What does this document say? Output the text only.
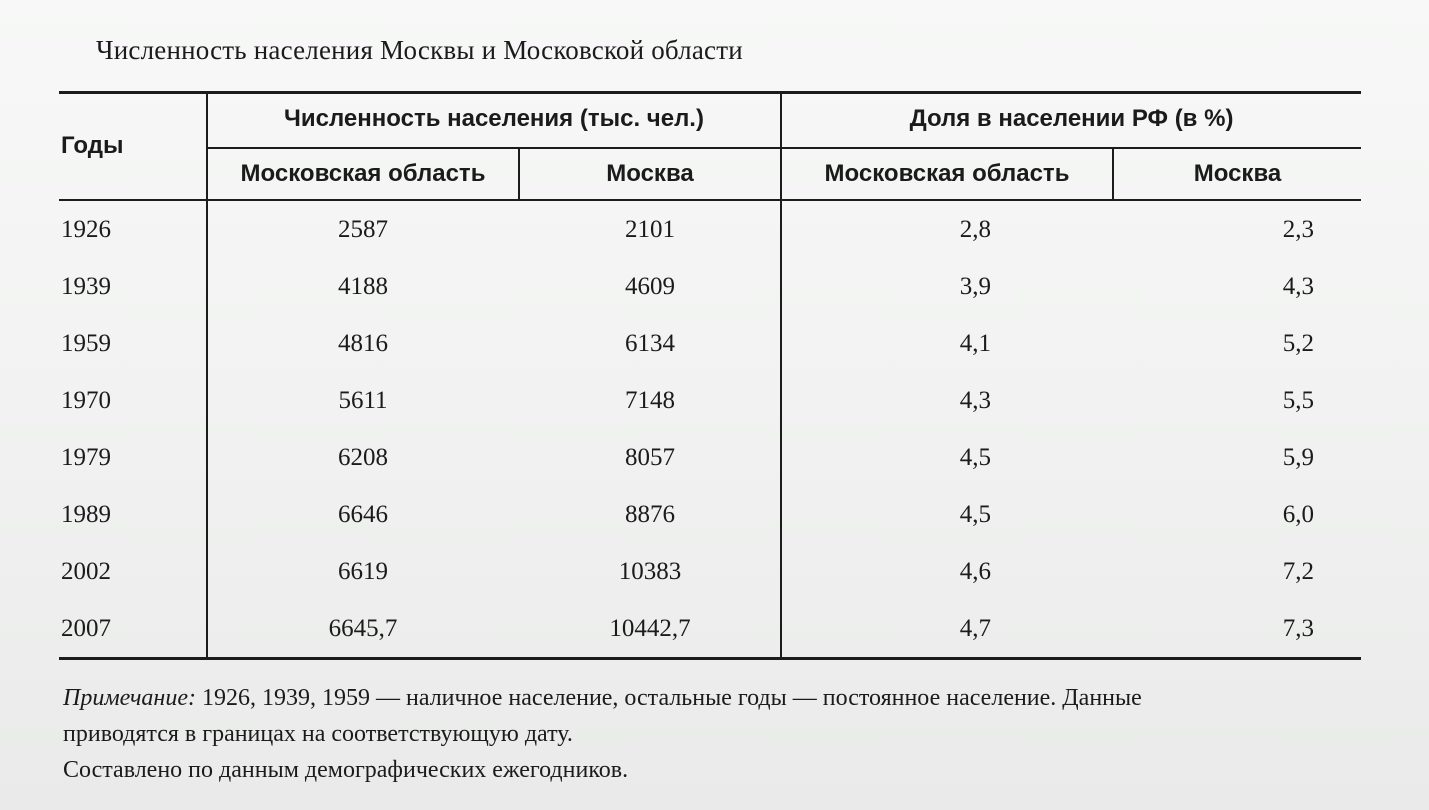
Численность населения Москвы и Московской области
Годы
Численность населения (тыс. чел.)	Доля в населении РФ (в %)
Московская область	Москва	Московская область	Москва
1926	2587	2101	2,8	2,3
1939	4188	4609	3,9	4,3
1959	4816	6134	4,1	5,2
1970	5611	7148	4,3	5,5
1979	6208	8057	4,5	5,9
1989	6646	8876	4,5	6,0
2002	6619	10383	4,6	7,2
2007	6645,7	10442,7	4,7	7,3
Примечание: 1926, 1939, 1959 — наличное население, остальные годы — постоянное население. Данные
приводятся в границах на соответствующую дату.
Составлено по данным демографических ежегодников.
